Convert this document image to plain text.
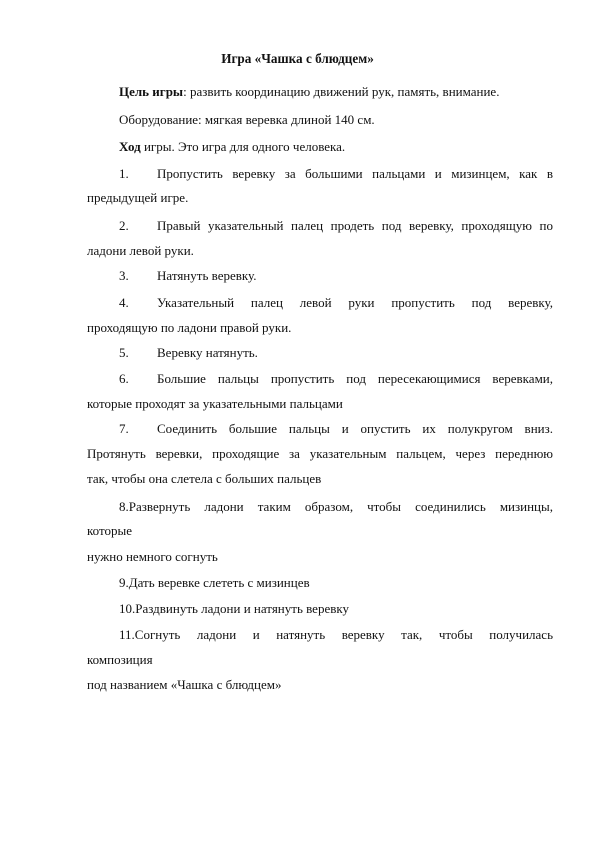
Игра «Чашка с блюдцем»
Цель игры: развить координацию движений рук, память, внимание.
Оборудование: мягкая веревка длиной 140 см.
Ход игры. Это игра для одного человека.
1. Пропустить веревку за большими пальцами и мизинцем, как в
предыдущей игре.
2. Правый указательный палец продеть под веревку, проходящую по
ладони левой руки.
3. Натянуть веревку.
4. Указательный палец левой руки пропустить под веревку,
проходящую по ладони правой руки.
5. Веревку натянуть.
6. Большие пальцы пропустить под пересекающимися веревками,
которые проходят за указательными пальцами
7. Соединить большие пальцы и опустить их полукругом вниз.
Протянуть веревки, проходящие за указательным пальцем, через переднюю
так, чтобы она слетела с больших пальцев
8.Развернуть ладони таким образом, чтобы соединились мизинцы,
которые
нужно немного согнуть
9.Дать веревке слететь с мизинцев
10.Раздвинуть ладони и натянуть веревку
11.Согнуть ладони и натянуть веревку так, чтобы получилась
композиция
под названием «Чашка с блюдцем»
